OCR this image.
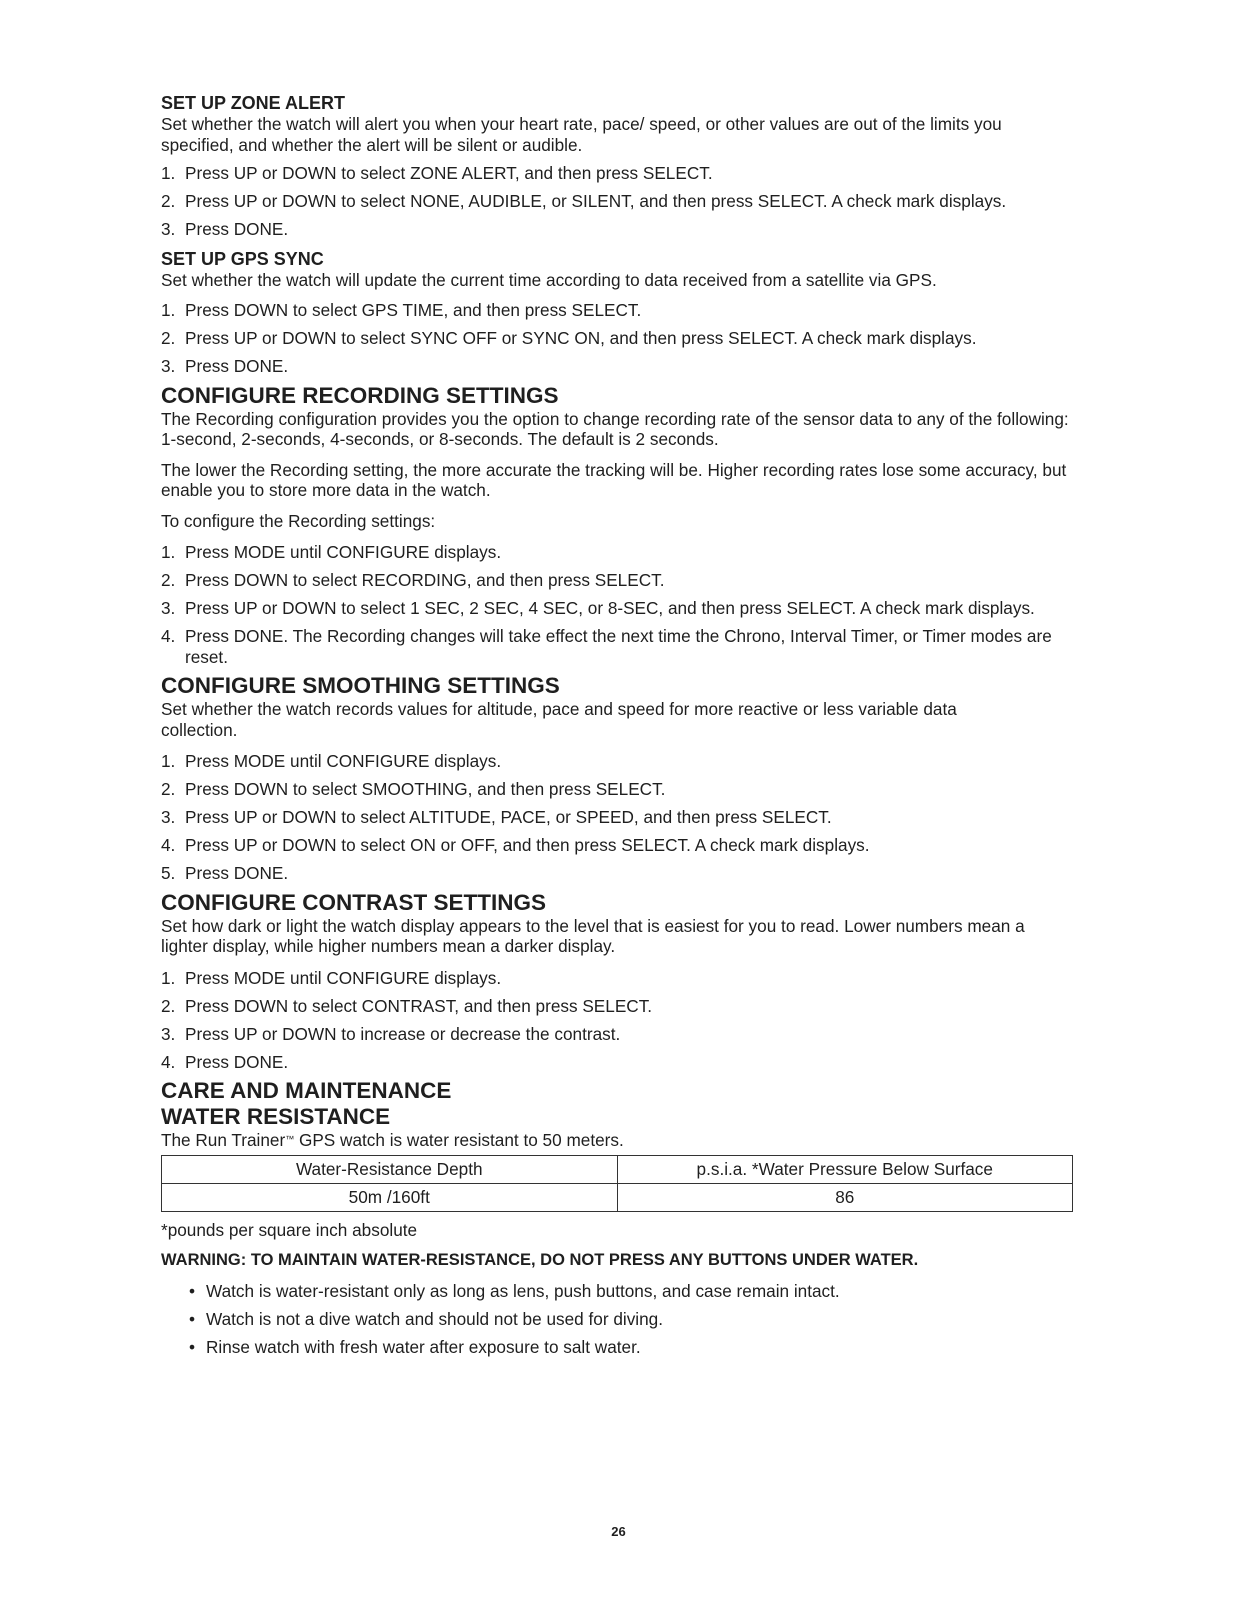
SET UP ZONE ALERT

Set whether the watch will alert you when your heart rate, pace/ speed, or other values are out of the limits you specified, and whether the alert will be silent or audible.

1. Press UP or DOWN to select ZONE ALERT, and then press SELECT.
2. Press UP or DOWN to select NONE, AUDIBLE, or SILENT, and then press SELECT. A check mark displays.
3. Press DONE.
SET UP GPS SYNC

Set whether the watch will update the current time according to data received from a satellite via GPS.

1. Press DOWN to select GPS TIME, and then press SELECT.
2. Press UP or DOWN to select SYNC OFF or SYNC ON, and then press SELECT. A check mark displays.
3. Press DONE.
CONFIGURE RECORDING SETTINGS

The Recording configuration provides you the option to change recording rate of the sensor data to any of the following: 1-second, 2-seconds, 4-seconds, or 8-seconds. The default is 2 seconds.

The lower the Recording setting, the more accurate the tracking will be. Higher recording rates lose some accuracy, but enable you to store more data in the watch.

To configure the Recording settings:

1. Press MODE until CONFIGURE displays.
2. Press DOWN to select RECORDING, and then press SELECT.
3. Press UP or DOWN to select 1 SEC, 2 SEC, 4 SEC, or 8-SEC, and then press SELECT. A check mark displays.
4. Press DONE. The Recording changes will take effect the next time the Chrono, Interval Timer, or Timer modes are reset.
CONFIGURE SMOOTHING SETTINGS

Set whether the watch records values for altitude, pace and speed for more reactive or less variable data collection.

1. Press MODE until CONFIGURE displays.
2. Press DOWN to select SMOOTHING, and then press SELECT.
3. Press UP or DOWN to select ALTITUDE, PACE, or SPEED, and then press SELECT.
4. Press UP or DOWN to select ON or OFF, and then press SELECT. A check mark displays.
5. Press DONE.
CONFIGURE CONTRAST SETTINGS

Set how dark or light the watch display appears to the level that is easiest for you to read. Lower numbers mean a lighter display, while higher numbers mean a darker display.

1. Press MODE until CONFIGURE displays.
2. Press DOWN to select CONTRAST, and then press SELECT.
3. Press UP or DOWN to increase or decrease the contrast.
4. Press DONE.
CARE AND MAINTENANCE
WATER RESISTANCE

The Run Trainer™ GPS watch is water resistant to 50 meters.

Water-Resistance Depth	p.s.i.a. *Water Pressure Below Surface
50m /160ft	86

*pounds per square inch absolute

WARNING: TO MAINTAIN WATER-RESISTANCE, DO NOT PRESS ANY BUTTONS UNDER WATER.

• Watch is water-resistant only as long as lens, push buttons, and case remain intact.
• Watch is not a dive watch and should not be used for diving.
• Rinse watch with fresh water after exposure to salt water.
26
